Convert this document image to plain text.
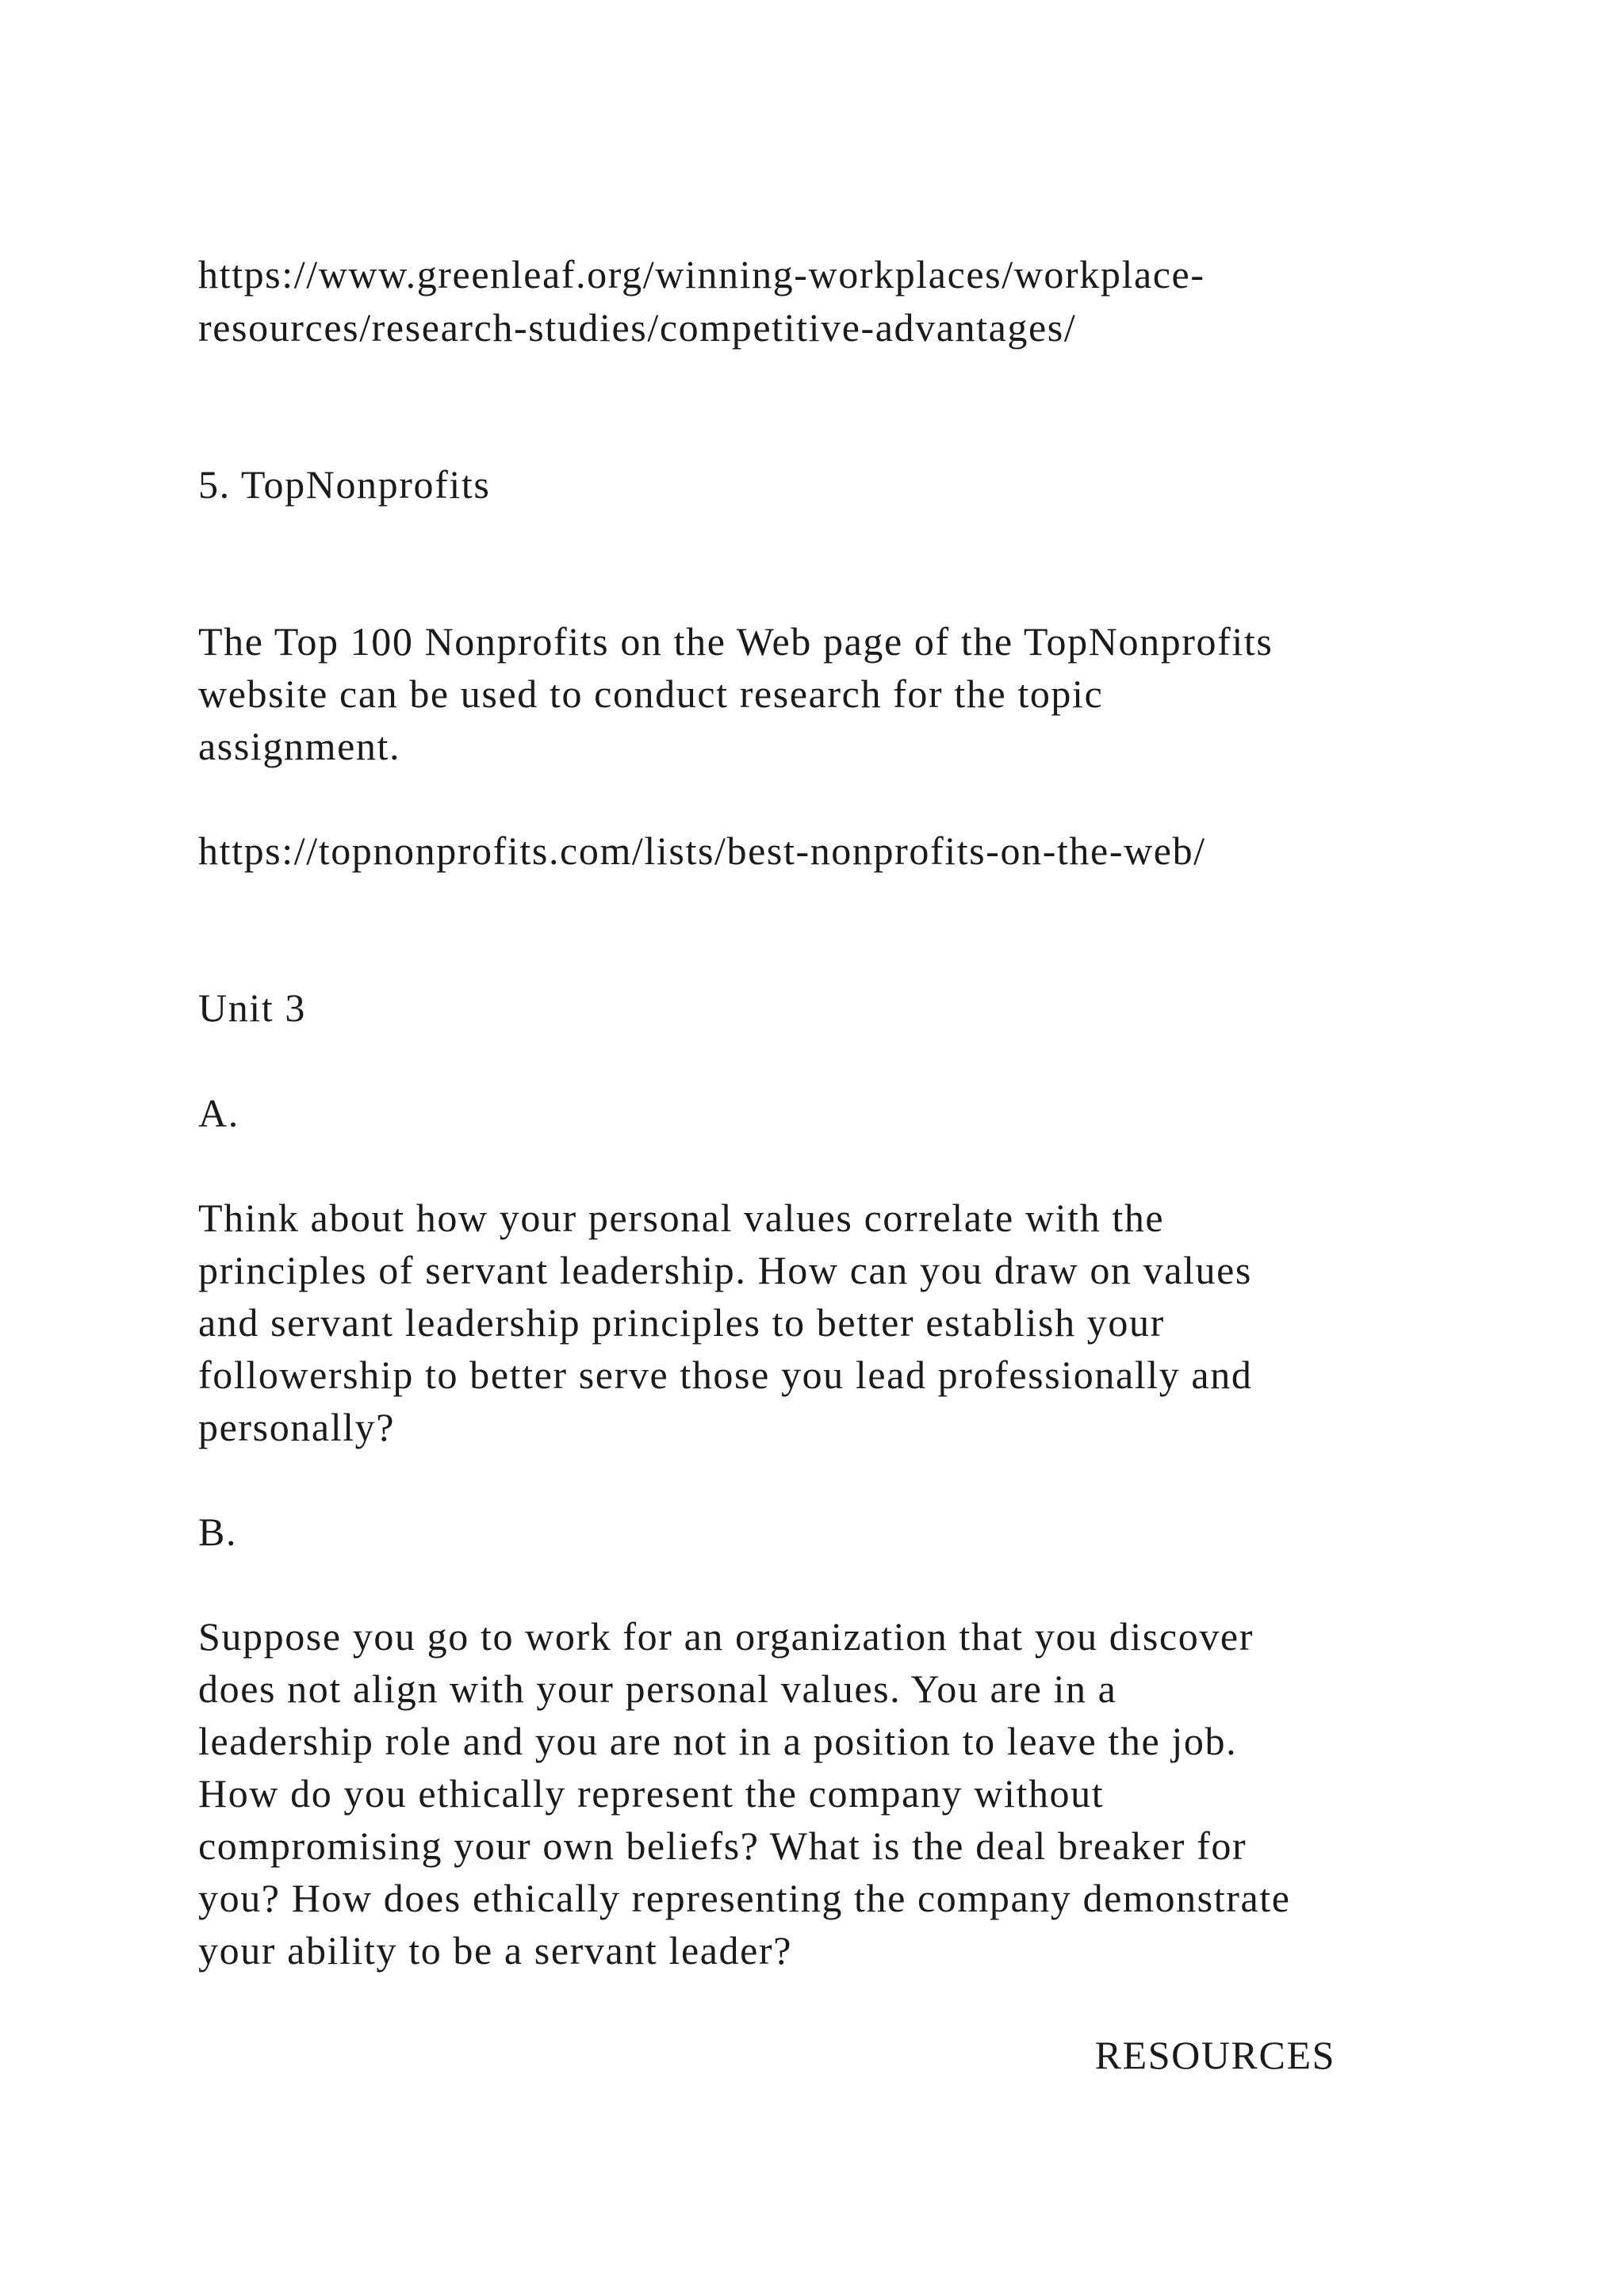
https://www.greenleaf.org/winning-workplaces/workplace-

resources/research-studies/competitive-advantages/

5. TopNonprofits

The Top 100 Nonprofits on the Web page of the TopNonprofits

website can be used to conduct research for the topic

assignment.

https://topnonprofits.com/lists/best-nonprofits-on-the-web/

Unit 3

A.

Think about how your personal values correlate with the

principles of servant leadership. How can you draw on values

and servant leadership principles to better establish your

followership to better serve those you lead professionally and

personally?

B.

Suppose you go to work for an organization that you discover

does not align with your personal values. You are in a

leadership role and you are not in a position to leave the job.

How do you ethically represent the company without

compromising your own beliefs? What is the deal breaker for

you? How does ethically representing the company demonstrate

your ability to be a servant leader?

RESOURCES
